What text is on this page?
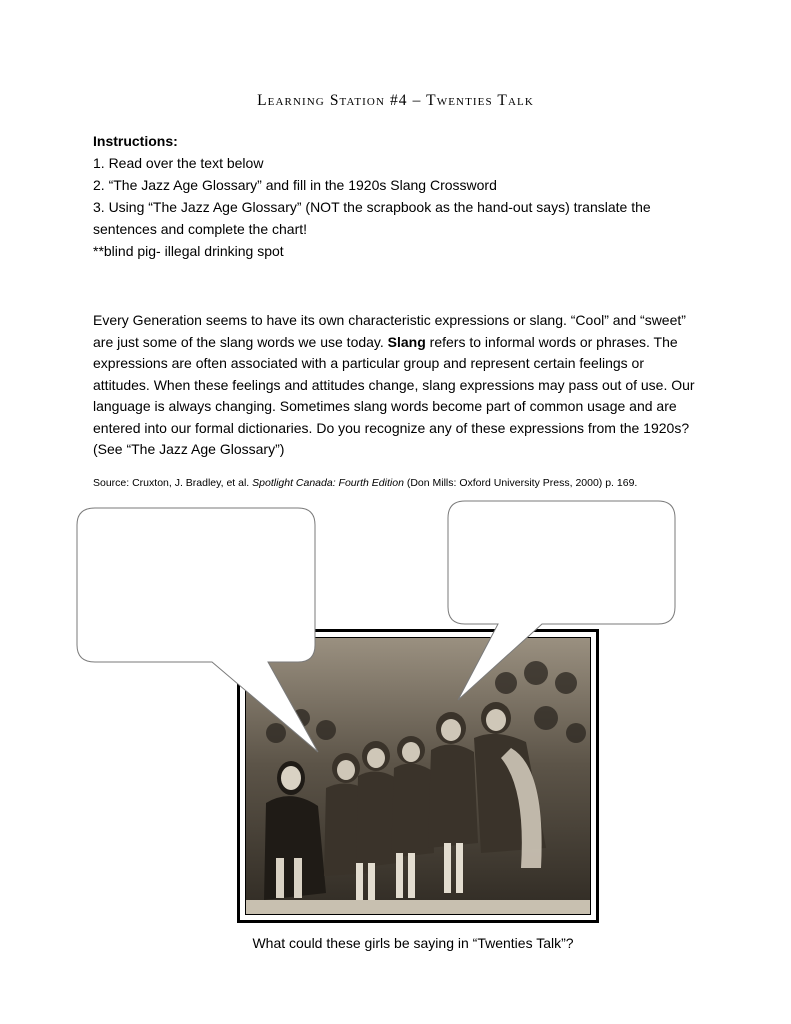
Learning Station #4 – Twenties Talk

Instructions:

1. Read over the text below

2. “The Jazz Age Glossary” and fill in the 1920s Slang Crossword

3. Using “The Jazz Age Glossary” (NOT the scrapbook as the hand-out says) translate the sentences and complete the chart!

**blind pig- illegal drinking spot

Every Generation seems to have its own characteristic expressions or slang. “Cool” and “sweet” are just some of the slang words we use today. Slang refers to informal words or phrases. The expressions are often associated with a particular group and represent certain feelings or attitudes. When these feelings and attitudes change, slang expressions may pass out of use. Our language is always changing. Sometimes slang words become part of common usage and are entered into our formal dictionaries. Do you recognize any of these expressions from the 1920s? (See “The Jazz Age Glossary”)

Source: Cruxton, J. Bradley, et al. Spotlight Canada: Fourth Edition (Don Mills: Oxford University Press, 2000) p. 169.
What could these girls be saying in “Twenties Talk”?
